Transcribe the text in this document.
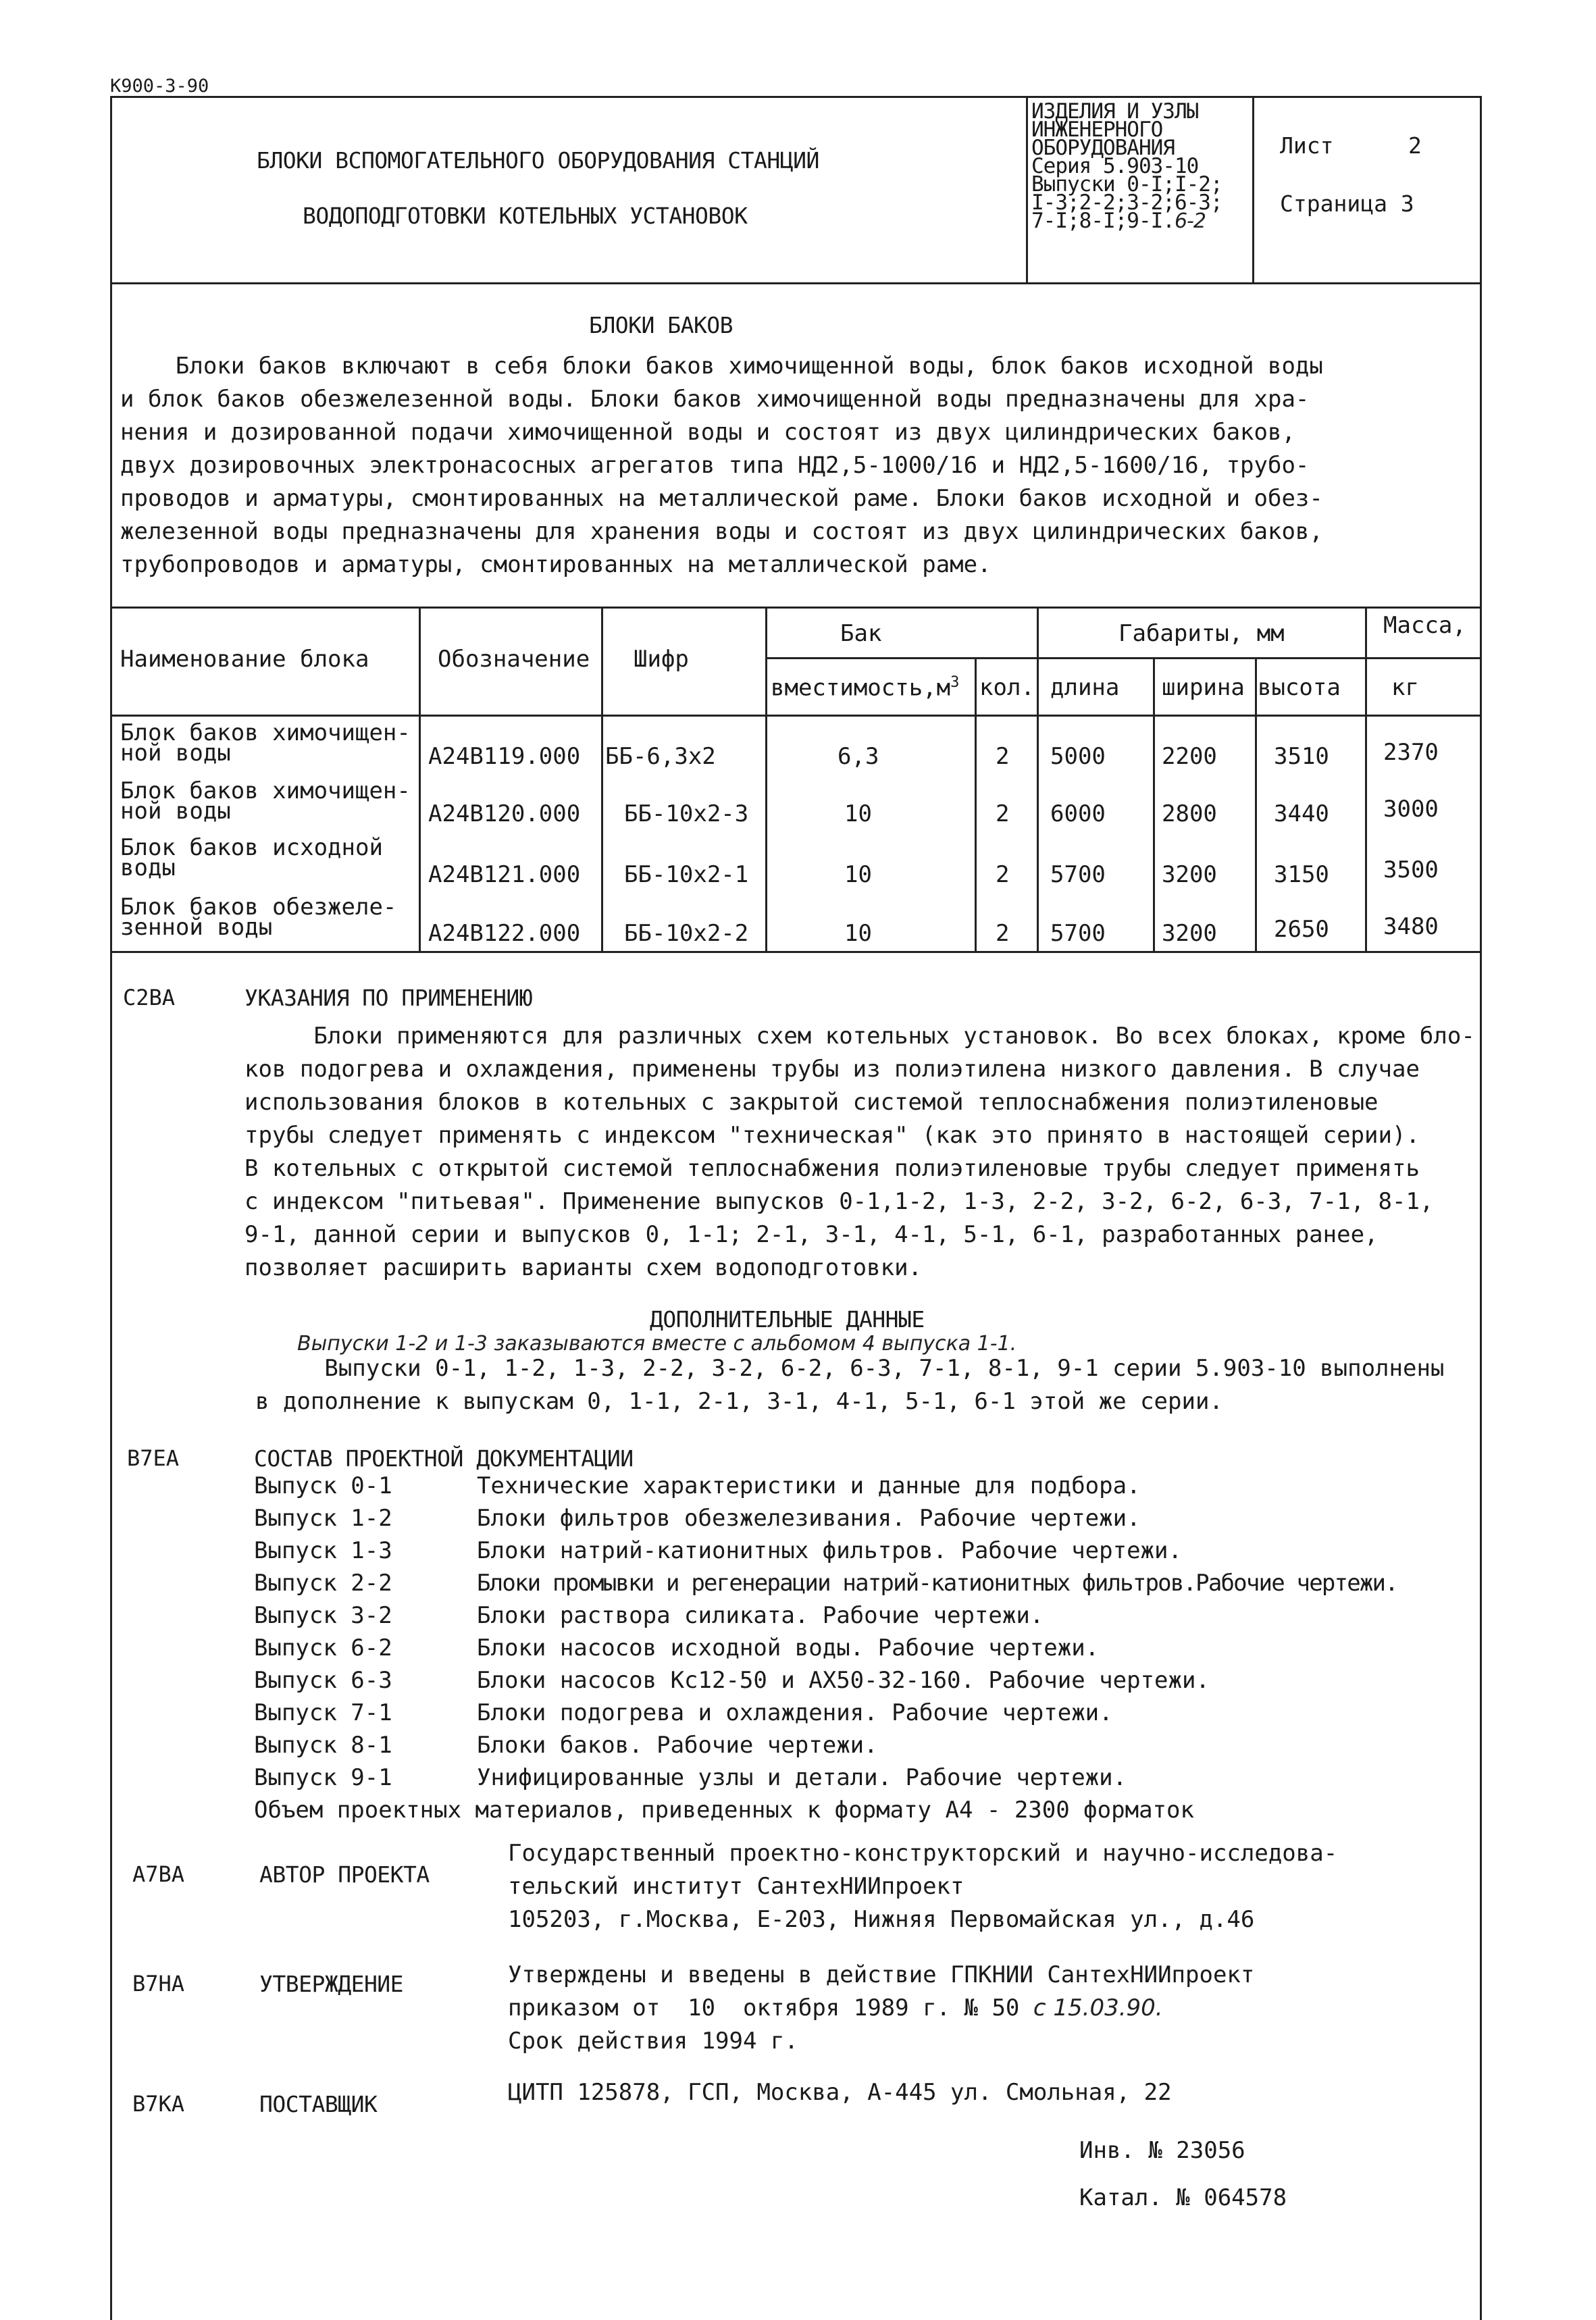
К900-3-90
БЛОКИ ВСПОМОГАТЕЛЬНОГО ОБОРУДОВАНИЯ СТАНЦИЙ
ВОДОПОДГОТОВКИ КОТЕЛЬНЫХ УСТАНОВОК
ИЗДЕЛИЯ И УЗЛЫ
ИНЖЕНЕРНОГО
ОБОРУДОВАНИЯ
Серия 5.903-10
Выпуски 0-I;I-2;
I-3;2-2;3-2;6-3;
7-I;8-I;9-I.6-2
Лист	2
Страница 3
БЛОКИ БАКОВ
Блоки баков включают в себя блоки баков химочищенной воды, блок баков исходной воды
и блок баков обезжелезенной воды. Блоки баков химочищенной воды предназначены для хра-
нения и дозированной подачи химочищенной воды и состоят из двух цилиндрических баков,
двух дозировочных электронасосных агрегатов типа НД2,5-1000/16 и НД2,5-1600/16, трубо-
проводов и арматуры, смонтированных на металлической раме. Блоки баков исходной и обез-
железенной воды предназначены для хранения воды и состоят из двух цилиндрических баков,
трубопроводов и арматуры, смонтированных на металлической раме.
Наименование блока	Обозначение Шифр
Бак
$вместимость,м^3$ кол.
Габариты, мм
длина ширина высота
Масса,
кг
Блок баков химочищен-
ной воды	А24В119.000 ББ-6,3х2	6,3	2 5000 2200 3510 2370
Блок баков химочищен-
ной воды	А24В120.000 ББ-10х2-3	10	2 6000 2800 3440 3000
Блок баков исходной
воды	А24В121.000 ББ-10х2-1	10	2 5700 3200 3150 3500
Блок баков обезжеле-
зенной воды	А24В122.000 ББ-10х2-2	10	2 5700 3200 2650 3480
С2ВА	УКАЗАНИЯ ПО ПРИМЕНЕНИЮ
Блоки применяются для различных схем котельных установок. Во всех блоках, кроме бло-
ков подогрева и охлаждения, применены трубы из полиэтилена низкого давления. В случае
использования блоков в котельных с закрытой системой теплоснабжения полиэтиленовые
трубы следует применять с индексом "техническая" (как это принято в настоящей серии).
В котельных с открытой системой теплоснабжения полиэтиленовые трубы следует применять
с индексом "питьевая". Применение выпусков 0-1,1-2, 1-3, 2-2, 3-2, 6-2, 6-3, 7-1, 8-1,
9-1, данной серии и выпусков 0, 1-1; 2-1, 3-1, 4-1, 5-1, 6-1, разработанных ранее,
позволяет расширить варианты схем водоподготовки.
ДОПОЛНИТЕЛЬНЫЕ ДАННЫЕ
Выпуски 1-2 и 1-3 заказываются вместе с альбомом 4 выпуска 1-1.
Выпуски 0-1, 1-2, 1-3, 2-2, 3-2, 6-2, 6-3, 7-1, 8-1, 9-1 серии 5.903-10 выполнены
в дополнение к выпускам 0, 1-1, 2-1, 3-1, 4-1, 5-1, 6-1 этой же серии.
В7ЕА	СОСТАВ ПРОЕКТНОЙ ДОКУМЕНТАЦИИ
Выпуск 0-1	Технические характеристики и данные для подбора.
Выпуск 1-2	Блоки фильтров обезжелезивания. Рабочие чертежи.
Выпуск 1-3	Блоки натрий-катионитных фильтров. Рабочие чертежи.
Выпуск 2-2	Блоки промывки и регенерации натрий-катионитных фильтров.Рабочие чертежи.
Выпуск 3-2	Блоки раствора силиката. Рабочие чертежи.
Выпуск 6-2	Блоки насосов исходной воды. Рабочие чертежи.
Выпуск 6-3	Блоки насосов Кс12-50 и АХ50-32-160. Рабочие чертежи.
Выпуск 7-1	Блоки подогрева и охлаждения. Рабочие чертежи.
Выпуск 8-1	Блоки баков. Рабочие чертежи.
Выпуск 9-1	Унифицированные узлы и детали. Рабочие чертежи.
Объем проектных материалов, приведенных к формату А4 - 2300 форматок
А7ВА	АВТОР ПРОЕКТА
Государственный проектно-конструкторский и научно-исследова-
тельский институт СантехНИИпроект
105203, г.Москва, Е-203, Нижняя Первомайская ул., д.46
В7НА	УТВЕРЖДЕНИЕ	Утверждены и введены в действие ГПКНИИ СантехНИИпроект
приказом от  10  октября 1989 г. № 50 с 15.03.90.
Срок действия 1994 г.
В7КА	ПОСТАВЩИК	ЦИТП 125878, ГСП, Москва, А-445 ул. Смольная, 22
Инв. № 23056
Катал. № 064578
